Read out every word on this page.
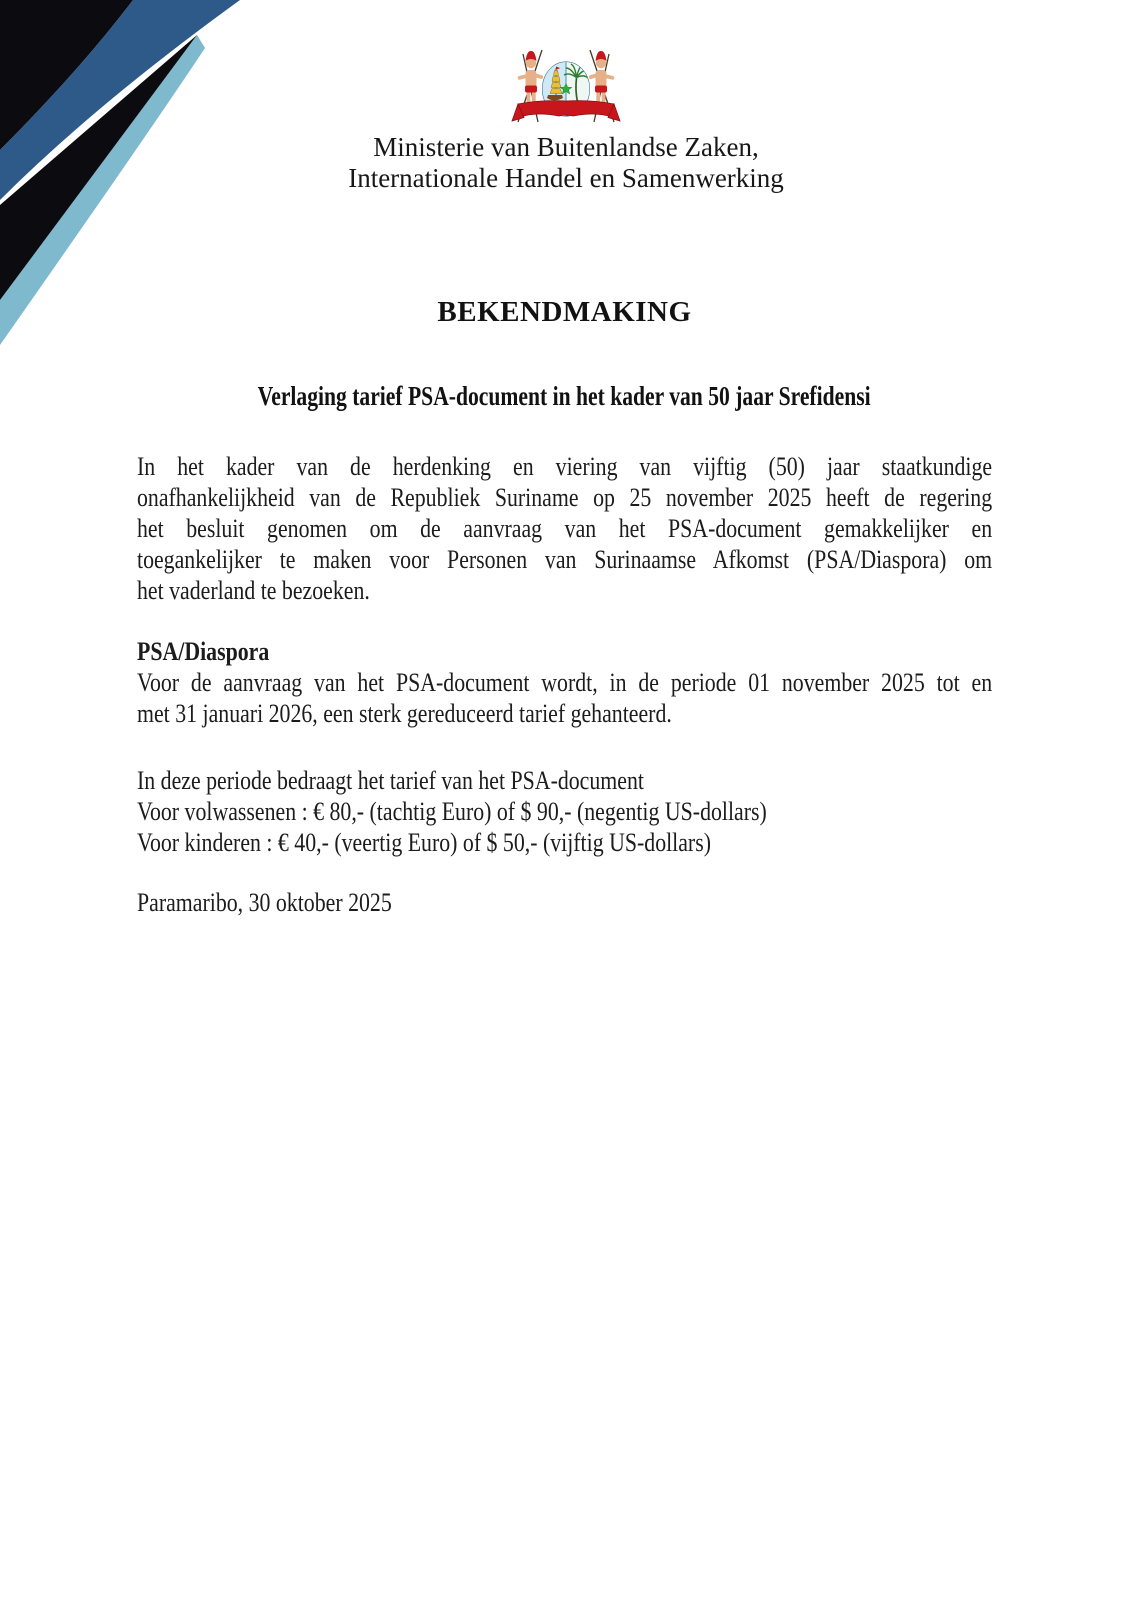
Ministerie van Buitenlandse Zaken,
Internationale Handel en Samenwerking
BEKENDMAKING
Verlaging tarief PSA-document in het kader van 50 jaar Srefidensi
In het kader van de herdenking en viering van vijftig (50) jaar staatkundige
onafhankelijkheid van de Republiek Suriname op 25 november 2025 heeft de regering
het besluit genomen om de aanvraag van het PSA-document gemakkelijker en
toegankelijker te maken voor Personen van Surinaamse Afkomst (PSA/Diaspora) om
het vaderland te bezoeken.
PSA/Diaspora
Voor de aanvraag van het PSA-document wordt, in de periode 01 november 2025 tot en
met 31 januari 2026, een sterk gereduceerd tarief gehanteerd.
In deze periode bedraagt het tarief van het PSA-document
Voor volwassenen : € 80,- (tachtig Euro) of $ 90,- (negentig US-dollars)
Voor kinderen : € 40,- (veertig Euro) of $ 50,- (vijftig US-dollars)
Paramaribo, 30 oktober 2025
